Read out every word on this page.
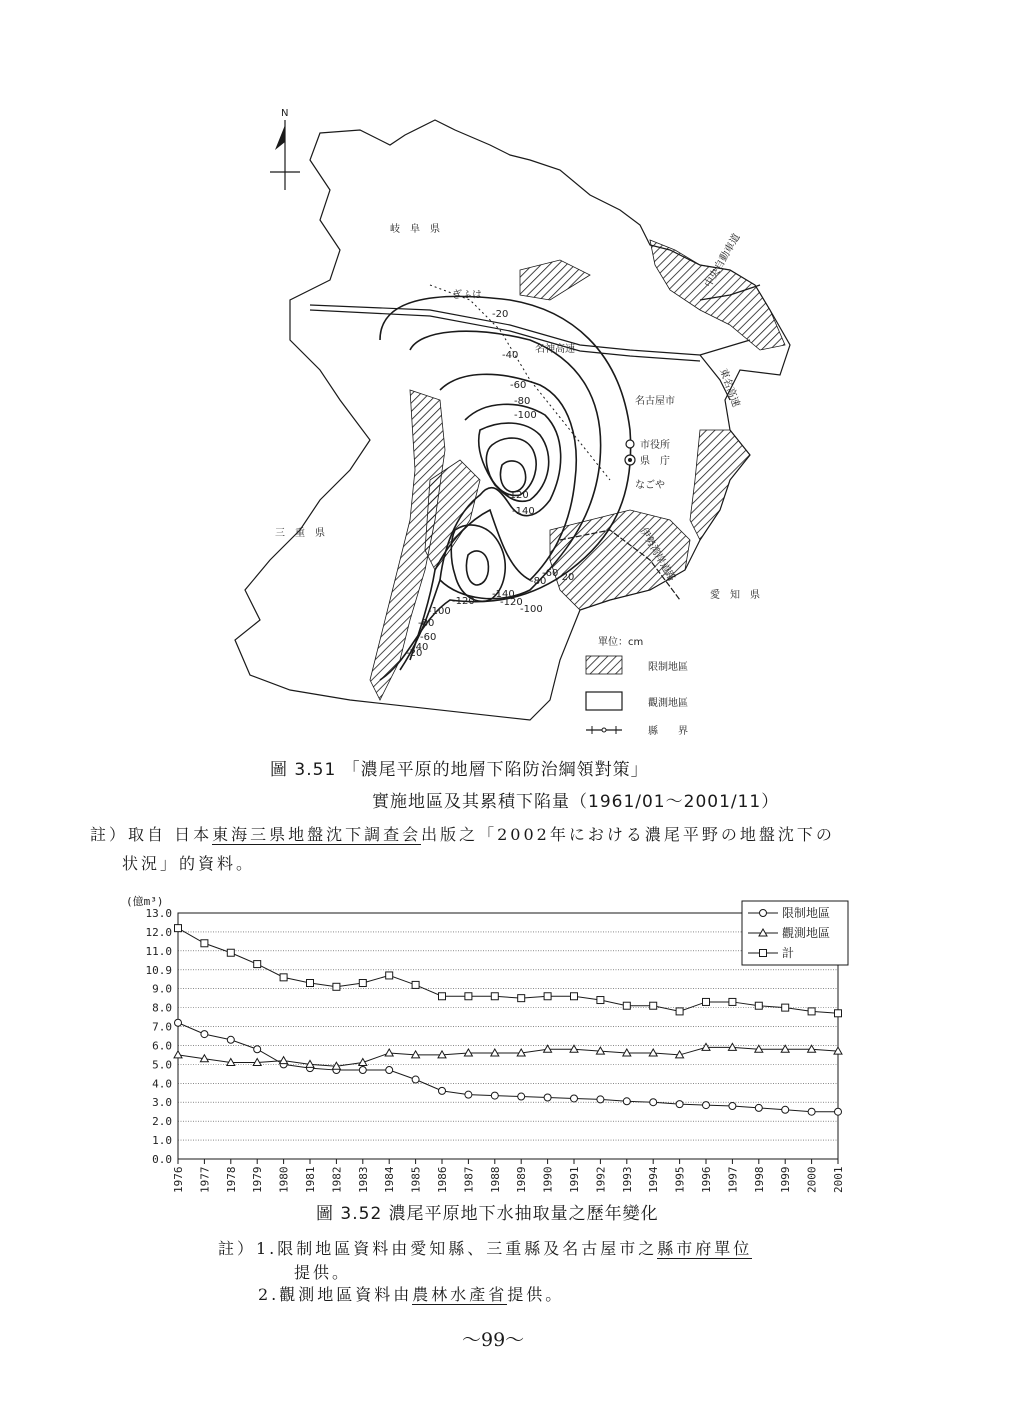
N
岐　阜　県
三　重　県
愛　知　県
名古屋市
市役所
県　庁
なごや
ぎふは
名神高速
中央自動車道
東名高速
伊勢湾岸道路
-20
-40
-60
-80
-100
-120
-140
-140
-120
-100
-120
-80
-60 -20
-100
-80
-60
-40
-20
單位：cm
限制地區
觀測地區
縣　　界
圖 3.51 「濃尾平原的地層下陷防治綱領對策」
實施地區及其累積下陷量（1961/01～2001/11）
註）取自 日本東海三県地盤沈下調查会出版之「2002年における濃尾平野の地盤沈下の
状況」的資料。
13.0
12.0
11.0
10.9
9.0
8.0
7.0
6.0
5.0
4.0
3.0
2.0
1.0
0.0
(億m³)
1976 1977 1978 1979 1980 1981 1982 1983 1984 1985 1986 1987 1988 1989 1990 1991 1992 1993 1994 1995 1996 1997 1998 1999 2000 2001
限制地區
觀測地區
計
圖 3.52 濃尾平原地下水抽取量之歷年變化
註）1.限制地區資料由愛知縣、三重縣及名古屋市之縣市府單位
提供。
2.觀測地區資料由農林水產省提供。
～99～
